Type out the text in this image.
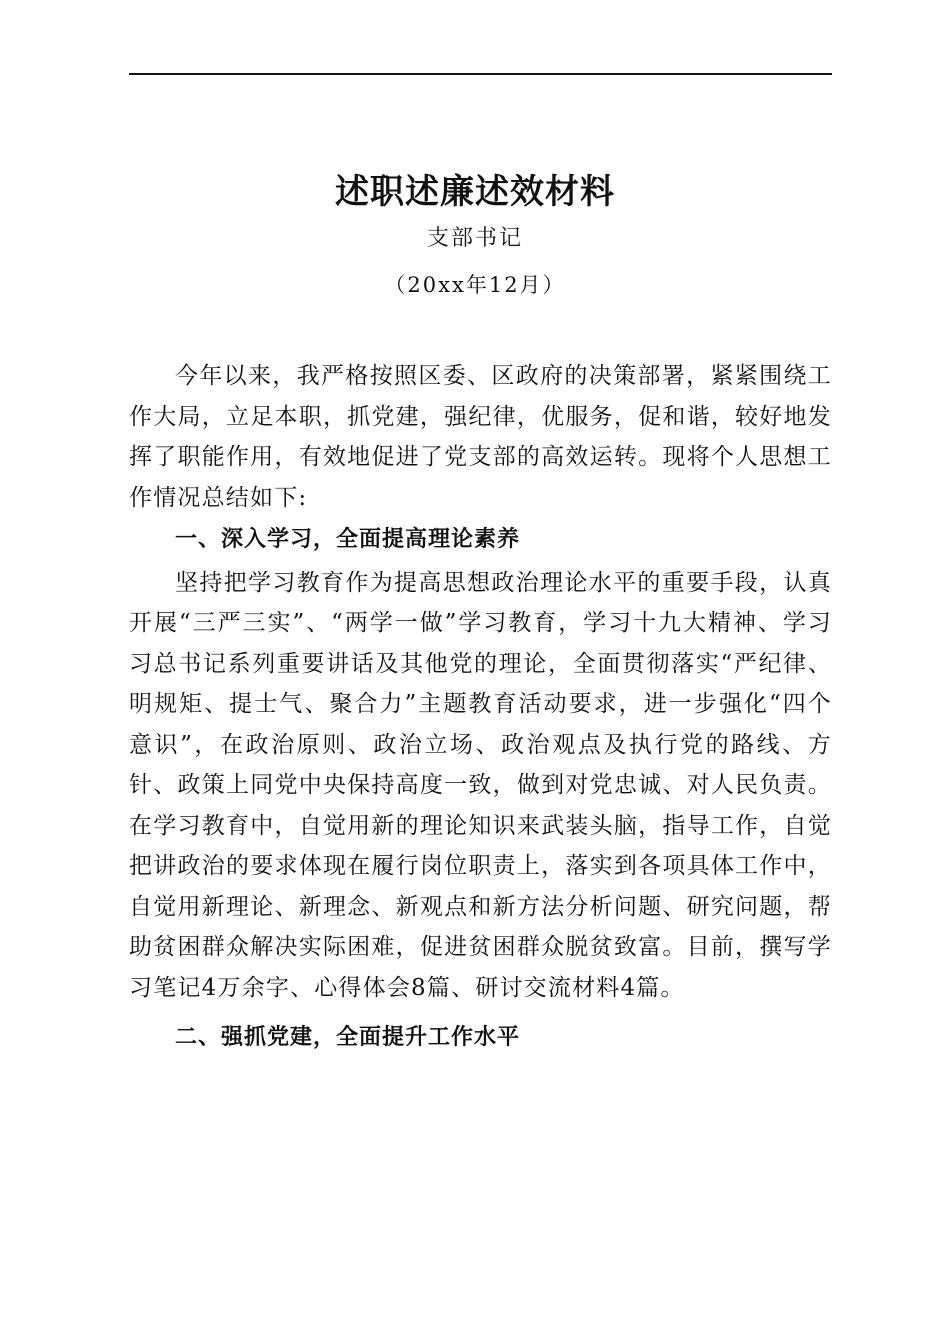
述职述廉述效材料
支部书记
（20xx年12月）

今年以来，我严格按照区委、区政府的决策部署，紧紧围绕工作大局，立足本职，抓党建，强纪律，优服务，促和谐，较好地发挥了职能作用，有效地促进了党支部的高效运转。现将个人思想工作情况总结如下:

一、深入学习，全面提高理论素养

坚持把学习教育作为提高思想政治理论水平的重要手段，认真开展“三严三实”、“两学一做”学习教育，学习十九大精神、学习习总书记系列重要讲话及其他党的理论，全面贯彻落实“严纪律、明规矩、提士气、聚合力”主题教育活动要求，进一步强化“四个意识”，在政治原则、政治立场、政治观点及执行党的路线、方针、政策上同党中央保持高度一致，做到对党忠诚、对人民负责。在学习教育中，自觉用新的理论知识来武装头脑，指导工作，自觉把讲政治的要求体现在履行岗位职责上，落实到各项具体工作中，自觉用新理论、新理念、新观点和新方法分析问题、研究问题，帮助贫困群众解决实际困难，促进贫困群众脱贫致富。目前，撰写学习笔记4万余字、心得体会8篇、研讨交流材料4篇。

二、强抓党建，全面提升工作水平
